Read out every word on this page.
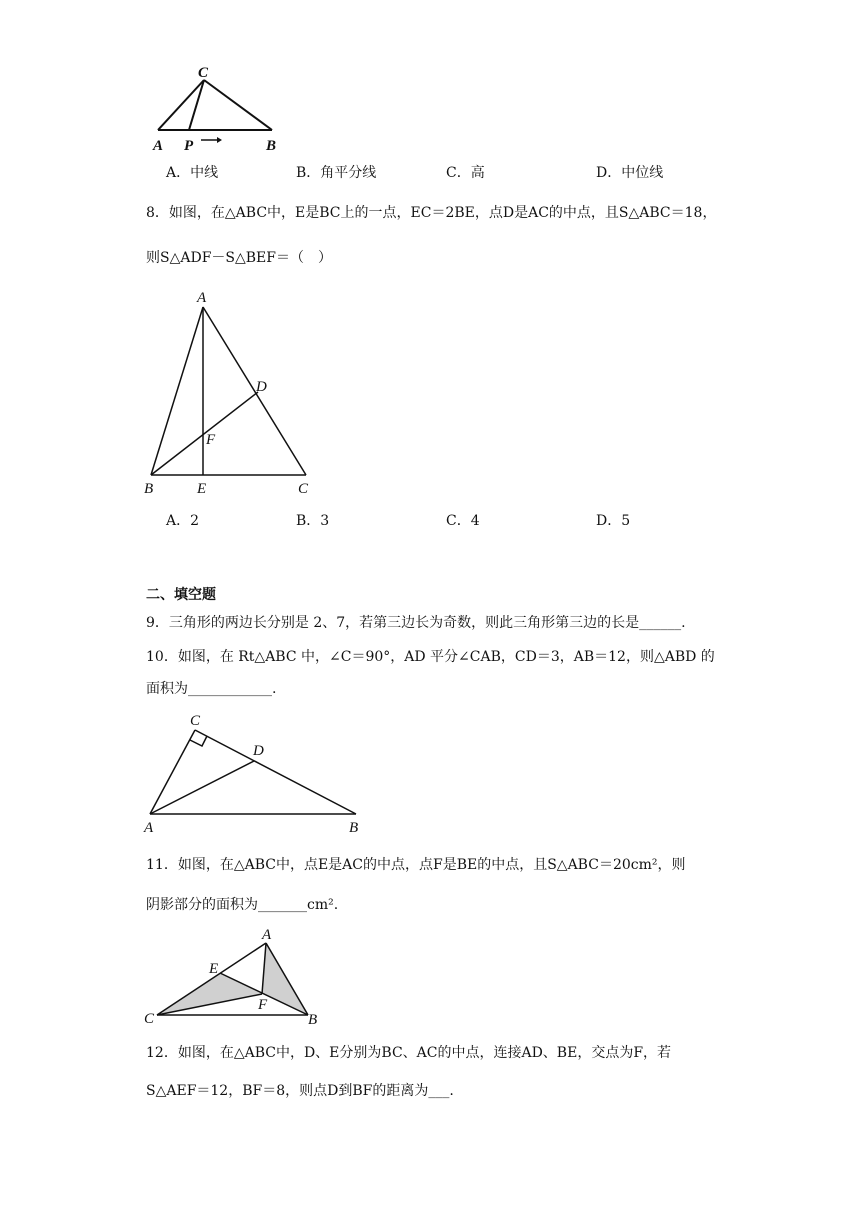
C
A P	B
A．中线	B．角平分线	C．高	D．中位线
8．如图，在△ABC中，E是BC上的一点，EC＝2BE，点D是AC的中点，且S△ABC＝18，
则S△ADF－S△BEF＝（　）
A
D
F
B	E	C
A．2	B．3	C．4	D．5
二、填空题
9．三角形的两边长分别是 2、7，若第三边长为奇数，则此三角形第三边的长是______.
10．如图，在 Rt△ABC 中，∠C＝90°，AD 平分∠CAB，CD＝3，AB＝12，则△ABD 的
面积为____________.
C
D
A	B
11．如图，在△ABC中，点E是AC的中点，点F是BE的中点，且S△ABC＝20cm²，则
阴影部分的面积为_______cm².
A
E
F
C	B
12．如图，在△ABC中，D、E分别为BC、AC的中点，连接AD、BE，交点为F，若
S△AEF＝12，BF＝8，则点D到BF的距离为___.
